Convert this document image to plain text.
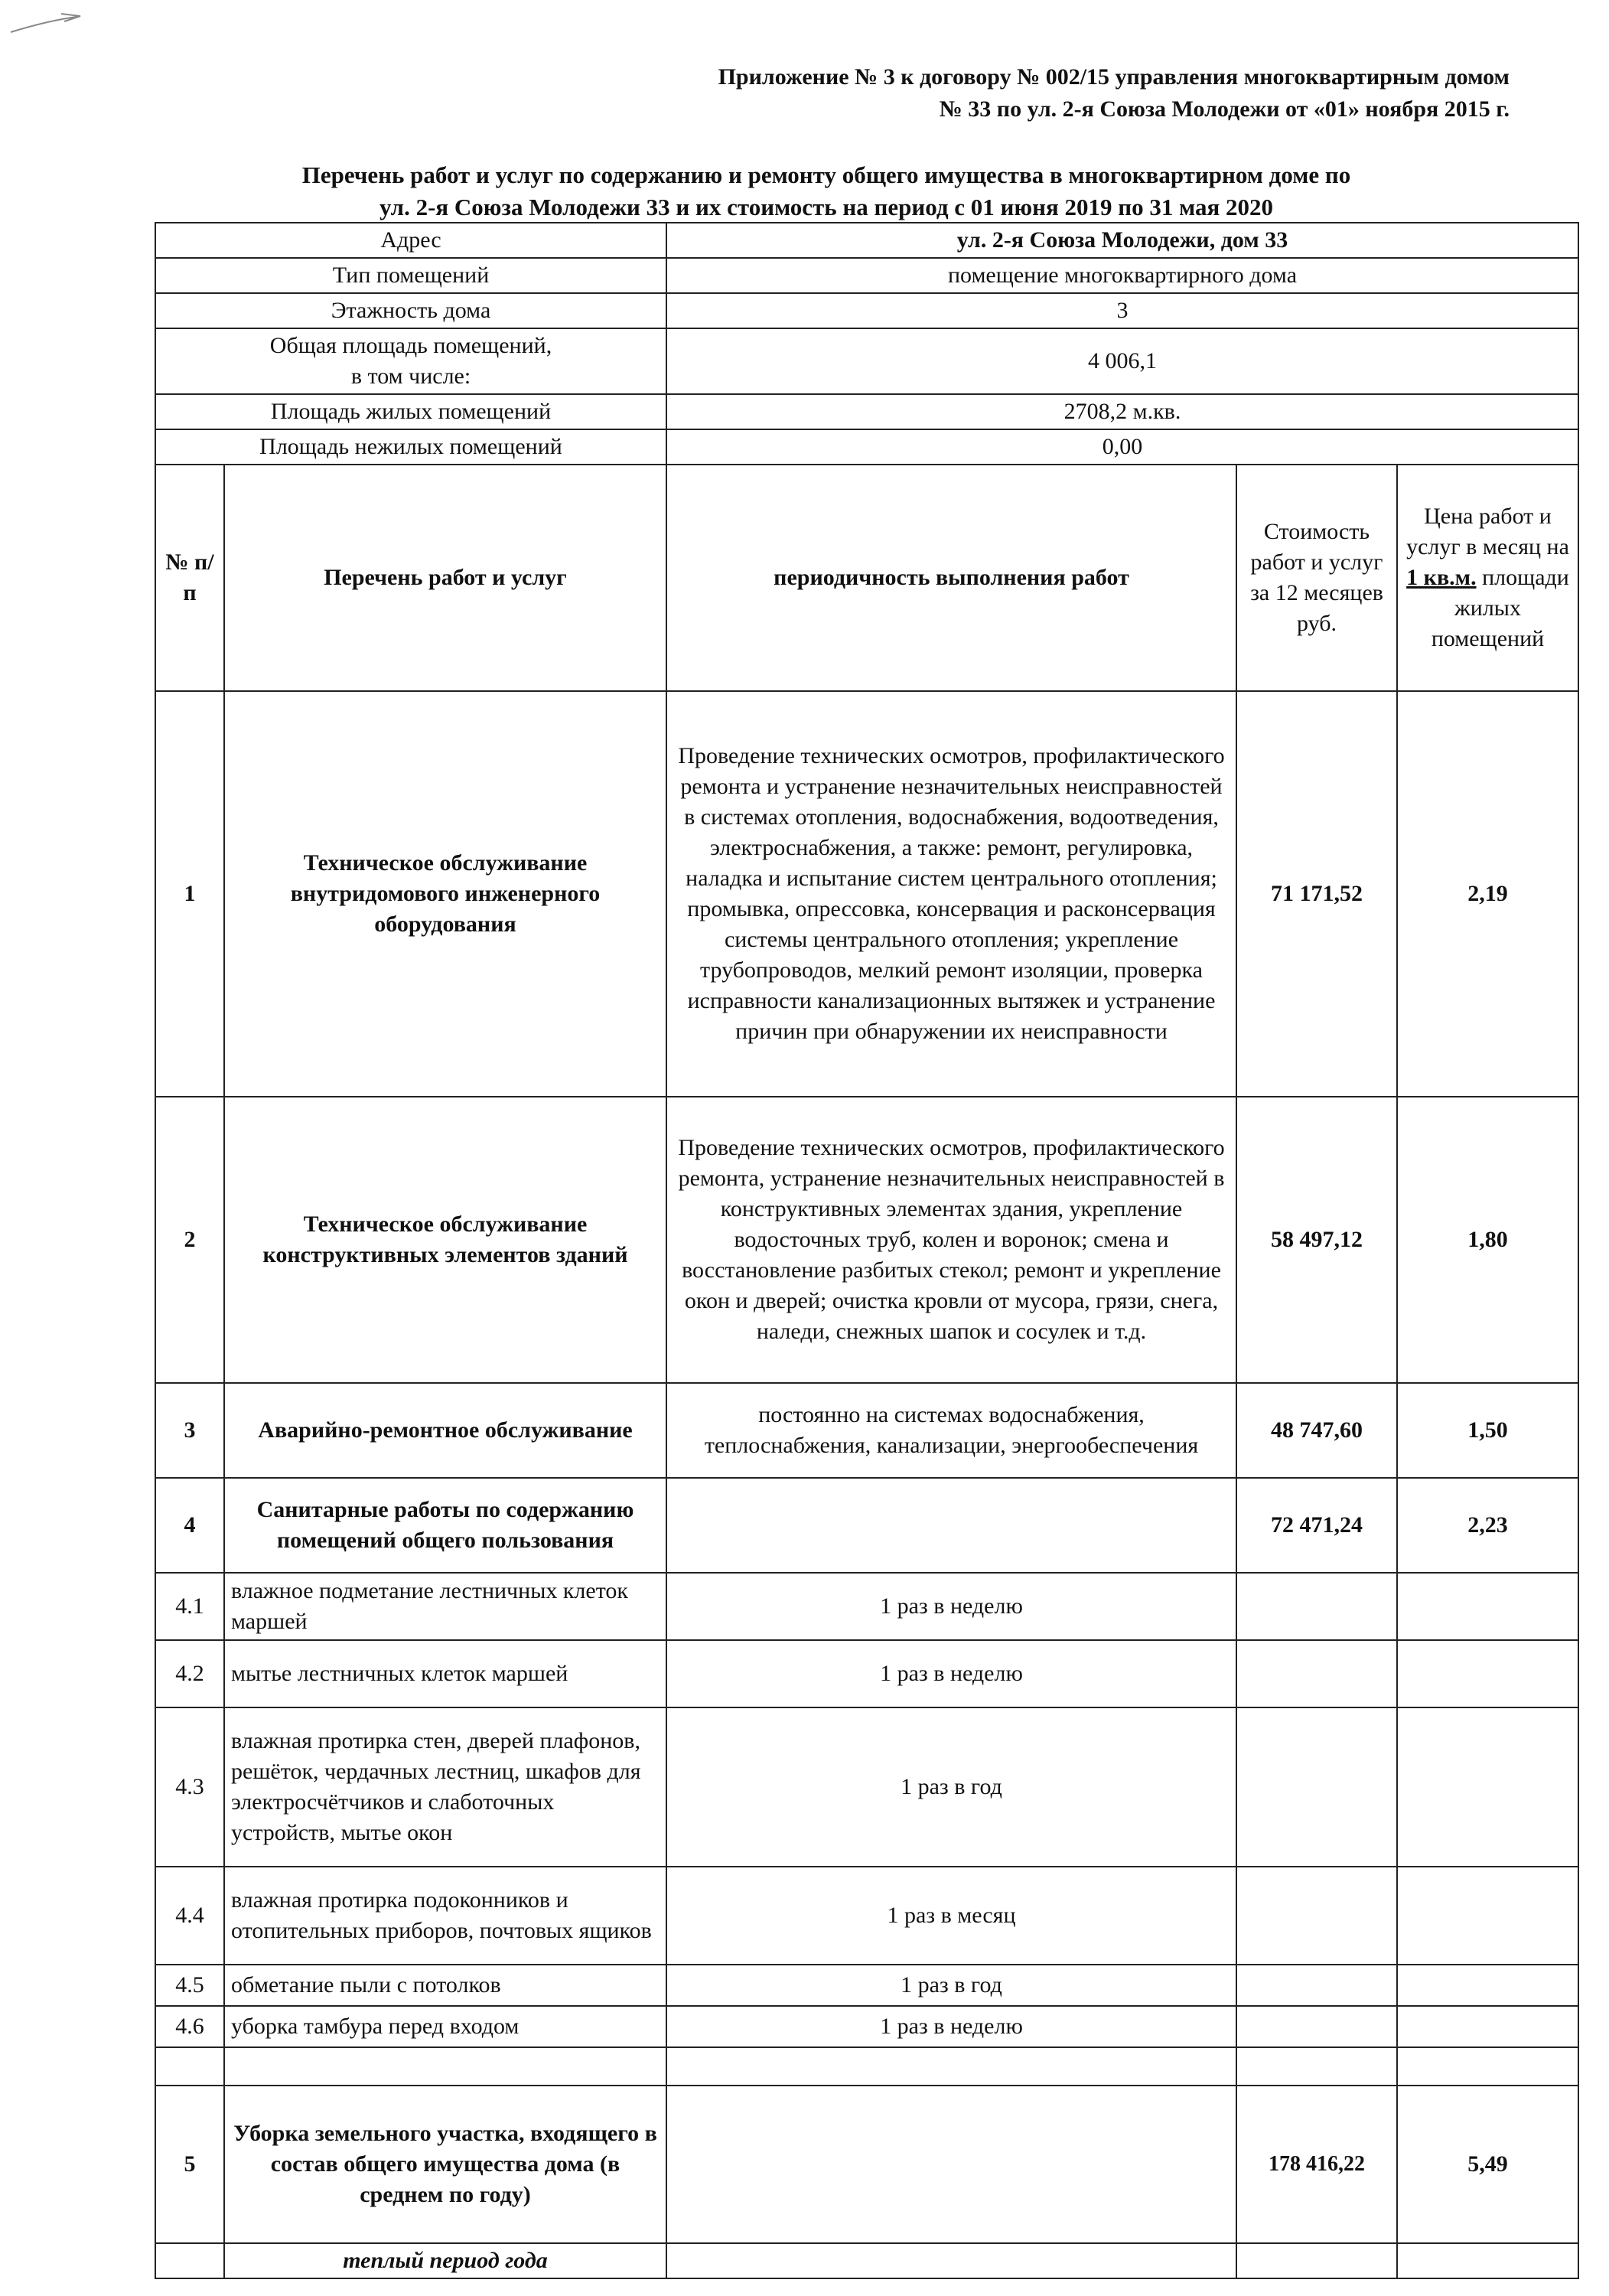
Приложение № 3 к договору № 002/15 управления многоквартирным домом
№ 33 по ул. 2-я Союза Молодежи от «01» ноября 2015 г.
Перечень работ и услуг по содержанию и ремонту общего имущества в многоквартирном доме по
ул. 2-я Союза Молодежи 33 и их стоимость на период с 01 июня 2019 по 31 мая 2020
Адрес		ул. 2-я Союза Молодежи, дом 33		
Тип помещений		помещение многоквартирного дома		
Этажность дома		3		

Общая площадь помещений,
в том числе:		4 006,1		
Площадь жилых помещений		2708,2 м.кв.		
Площадь нежилых помещений		0,00		
№ п/п	Перечень работ и услуг	периодичность выполнения работ	Стоимость работ и услуг за 12 месяцев руб.	Цена работ и услуг в месяц на 1 кв.м. площади жилых помещений
1	Техническое обслуживание внутридомового инженерного оборудования	Проведение технических осмотров, профилактического ремонта и устранение незначительных неисправностей в системах отопления, водоснабжения, водоотведения, электроснабжения, а также: ремонт, регулировка, наладка и испытание систем центрального отопления; промывка, опрессовка, консервация и расконсервация системы центрального отопления; укрепление трубопроводов, мелкий ремонт изоляции, проверка исправности канализационных вытяжек и устранение причин при обнаружении их неисправности	71 171,52	2,19
2	Техническое обслуживание конструктивных элементов зданий	Проведение технических осмотров, профилактического ремонта, устранение незначительных неисправностей в конструктивных элементах здания, укрепление водосточных труб, колен и воронок; смена и восстановление разбитых стекол; ремонт и укрепление окон и дверей; очистка кровли от мусора, грязи, снега, наледи, снежных шапок и сосулек и т.д.	58 497,12	1,80
3	Аварийно-ремонтное обслуживание	постоянно на системах водоснабжения, теплоснабжения, канализации, энергообеспечения	48 747,60	1,50
4	Санитарные работы по содержанию помещений общего пользования		72 471,24	2,23
4.1	влажное подметание лестничных клеток маршей	1 раз в неделю		
4.2	мытье лестничных клеток маршей	1 раз в неделю		
4.3	влажная протирка стен, дверей плафонов, решёток, чердачных лестниц, шкафов для электросчётчиков и слаботочных устройств, мытье окон	1 раз в год		
4.4	влажная протирка подоконников и отопительных приборов, почтовых ящиков	1 раз в месяц		
4.5	обметание пыли с потолков	1 раз в год		
4.6	уборка тамбура перед входом	1 раз в неделю		

5	Уборка земельного участка, входящего в состав общего имущества дома (в среднем по году)		178 416,22	5,49
	теплый период года			
